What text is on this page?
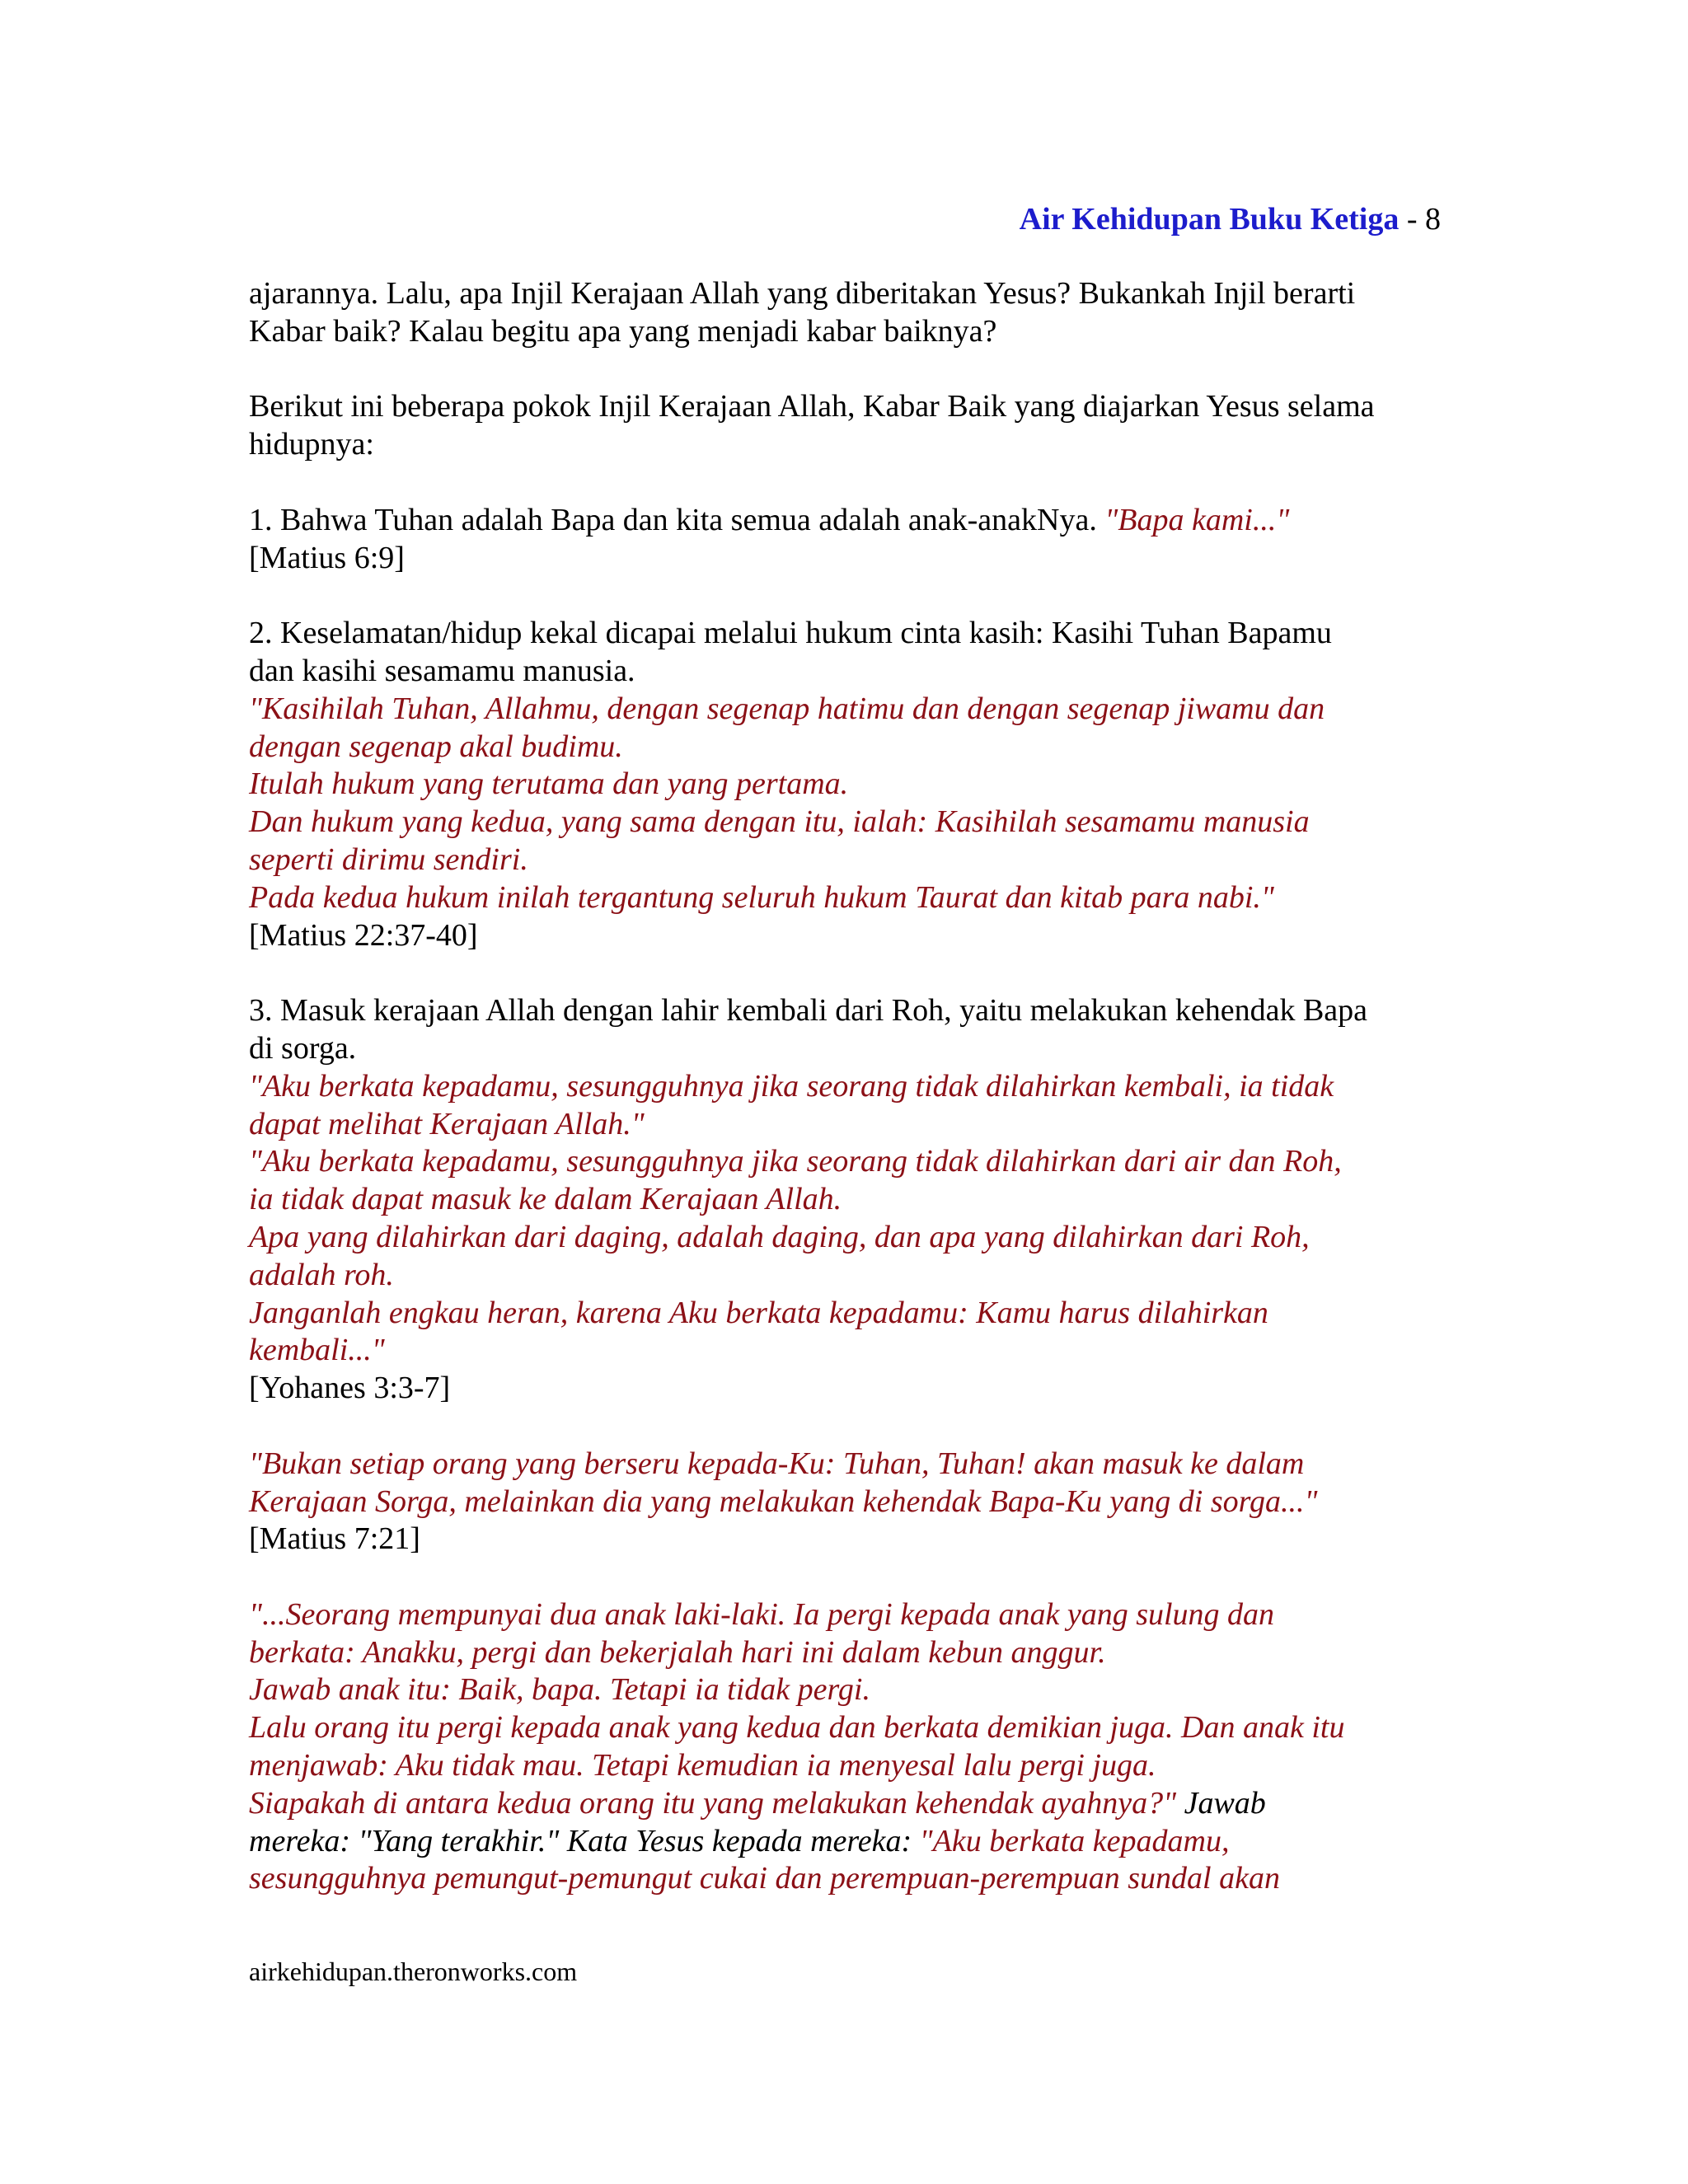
Air Kehidupan Buku Ketiga - 8
ajarannya. Lalu, apa Injil Kerajaan Allah yang diberitakan Yesus? Bukankah Injil berarti
Kabar baik? Kalau begitu apa yang menjadi kabar baiknya?
Berikut ini beberapa pokok Injil Kerajaan Allah, Kabar Baik yang diajarkan Yesus selama
hidupnya:
1. Bahwa Tuhan adalah Bapa dan kita semua adalah anak-anakNya. "Bapa kami..."
[Matius 6:9]
2. Keselamatan/hidup kekal dicapai melalui hukum cinta kasih: Kasihi Tuhan Bapamu
dan kasihi sesamamu manusia.
"Kasihilah Tuhan, Allahmu, dengan segenap hatimu dan dengan segenap jiwamu dan
dengan segenap akal budimu.
Itulah hukum yang terutama dan yang pertama.
Dan hukum yang kedua, yang sama dengan itu, ialah: Kasihilah sesamamu manusia
seperti dirimu sendiri.
Pada kedua hukum inilah tergantung seluruh hukum Taurat dan kitab para nabi."
[Matius 22:37-40]
3. Masuk kerajaan Allah dengan lahir kembali dari Roh, yaitu melakukan kehendak Bapa
di sorga.
"Aku berkata kepadamu, sesungguhnya jika seorang tidak dilahirkan kembali, ia tidak
dapat melihat Kerajaan Allah."
"Aku berkata kepadamu, sesungguhnya jika seorang tidak dilahirkan dari air dan Roh,
ia tidak dapat masuk ke dalam Kerajaan Allah.
Apa yang dilahirkan dari daging, adalah daging, dan apa yang dilahirkan dari Roh,
adalah roh.
Janganlah engkau heran, karena Aku berkata kepadamu: Kamu harus dilahirkan
kembali..."
[Yohanes 3:3-7]
"Bukan setiap orang yang berseru kepada-Ku: Tuhan, Tuhan! akan masuk ke dalam
Kerajaan Sorga, melainkan dia yang melakukan kehendak Bapa-Ku yang di sorga..."
[Matius 7:21]
"...Seorang mempunyai dua anak laki-laki. Ia pergi kepada anak yang sulung dan
berkata: Anakku, pergi dan bekerjalah hari ini dalam kebun anggur.
Jawab anak itu: Baik, bapa. Tetapi ia tidak pergi.
Lalu orang itu pergi kepada anak yang kedua dan berkata demikian juga. Dan anak itu
menjawab: Aku tidak mau. Tetapi kemudian ia menyesal lalu pergi juga.
Siapakah di antara kedua orang itu yang melakukan kehendak ayahnya?" Jawab
mereka: "Yang terakhir." Kata Yesus kepada mereka: "Aku berkata kepadamu,
sesungguhnya pemungut-pemungut cukai dan perempuan-perempuan sundal akan
airkehidupan.theronworks.com
